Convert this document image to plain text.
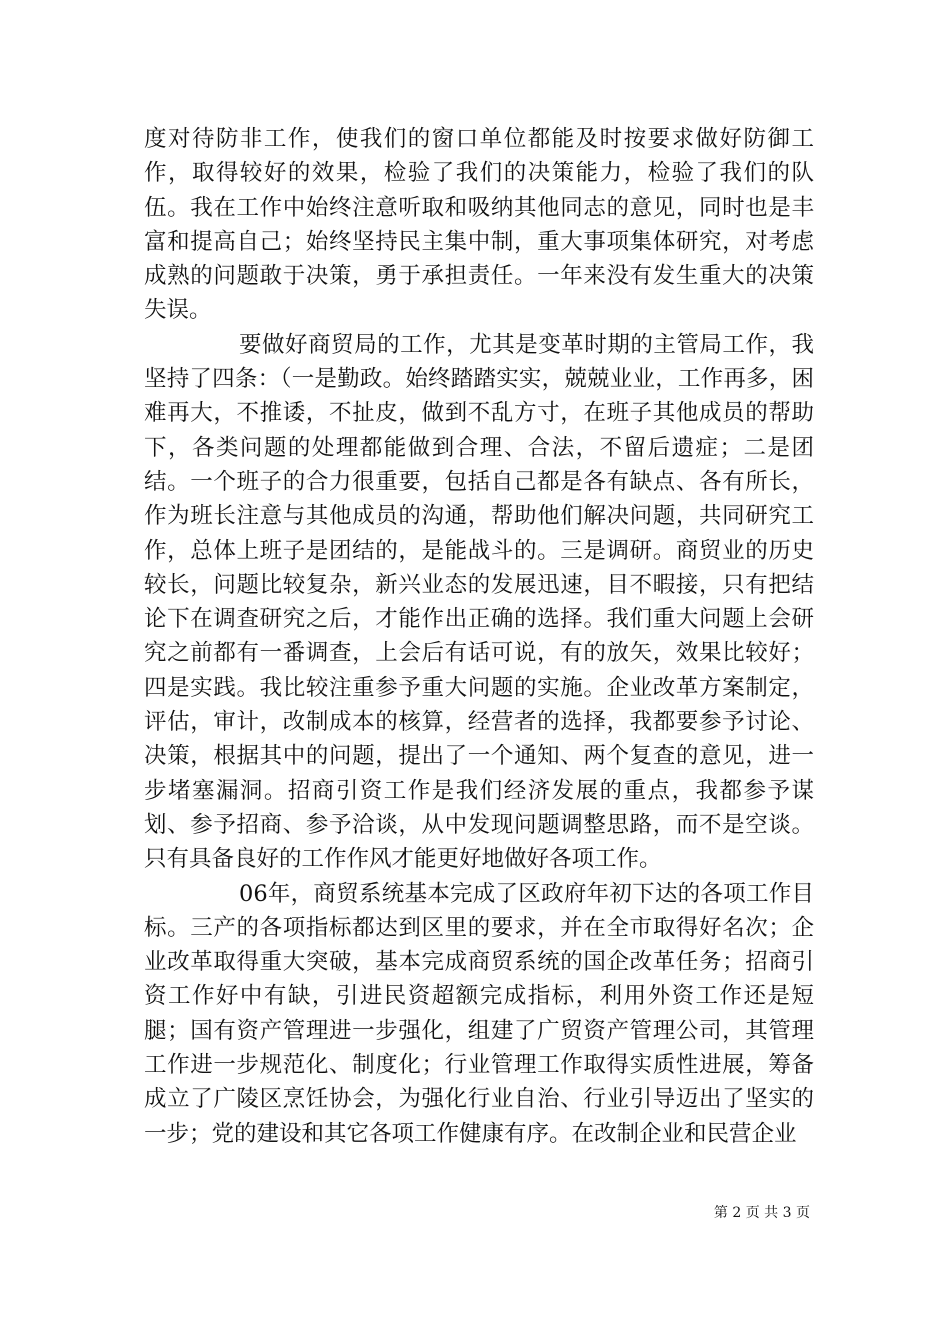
度对待防非工作，使我们的窗口单位都能及时按要求做好防御工作，取得较好的效果，检验了我们的决策能力，检验了我们的队伍。我在工作中始终注意听取和吸纳其他同志的意见，同时也是丰富和提高自己；始终坚持民主集中制，重大事项集体研究，对考虑成熟的问题敢于决策，勇于承担责任。一年来没有发生重大的决策失误。

要做好商贸局的工作，尤其是变革时期的主管局工作，我坚持了四条：（一是勤政。始终踏踏实实，兢兢业业，工作再多，困难再大，不推诿，不扯皮，做到不乱方寸，在班子其他成员的帮助下，各类问题的处理都能做到合理、合法，不留后遗症；二是团结。一个班子的合力很重要，包括自己都是各有缺点、各有所长，作为班长注意与其他成员的沟通，帮助他们解决问题，共同研究工作，总体上班子是团结的，是能战斗的。三是调研。商贸业的历史较长，问题比较复杂，新兴业态的发展迅速，目不暇接，只有把结论下在调查研究之后，才能作出正确的选择。我们重大问题上会研究之前都有一番调查，上会后有话可说，有的放矢，效果比较好；四是实践。我比较注重参予重大问题的实施。企业改革方案制定，评估，审计，改制成本的核算，经营者的选择，我都要参予讨论、决策，根据其中的问题，提出了一个通知、两个复查的意见，进一步堵塞漏洞。招商引资工作是我们经济发展的重点，我都参予谋划、参予招商、参予洽谈，从中发现问题调整思路，而不是空谈。只有具备良好的工作作风才能更好地做好各项工作。

06年，商贸系统基本完成了区政府年初下达的各项工作目标。三产的各项指标都达到区里的要求，并在全市取得好名次；企业改革取得重大突破，基本完成商贸系统的国企改革任务；招商引资工作好中有缺，引进民资超额完成指标，利用外资工作还是短腿；国有资产管理进一步强化，组建了广贸资产管理公司，其管理工作进一步规范化、制度化；行业管理工作取得实质性进展，筹备成立了广陵区烹饪协会，为强化行业自治、行业引导迈出了坚实的一步；党的建设和其它各项工作健康有序。在改制企业和民营企业

第 2 页 共 3 页
